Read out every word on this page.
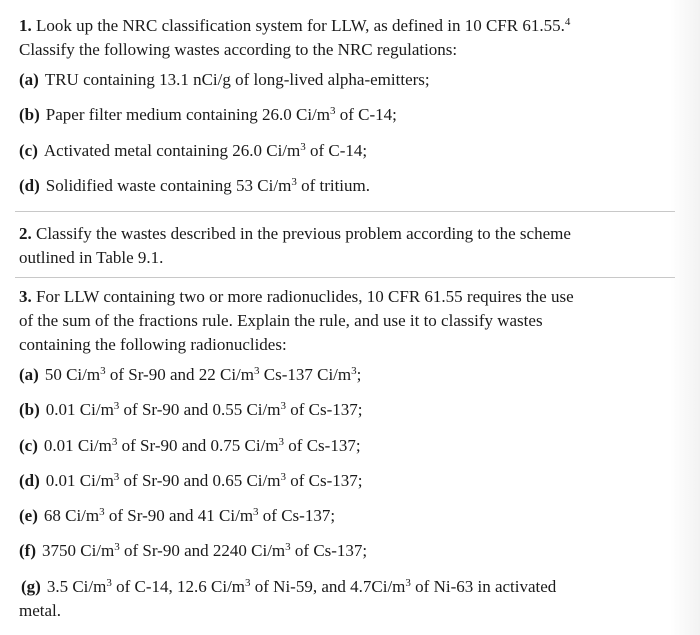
1. Look up the NRC classification system for LLW, as defined in 10 CFR 61.55.$^4$
Classify the following wastes according to the NRC regulations:
(a) TRU containing 13.1 nCi/g of long-lived alpha-emitters;
(b) Paper filter medium containing 26.0 $Ci/m^3$ of C-14;
(c) Activated metal containing 26.0 $Ci/m^3$ of C-14;
(d) Solidified waste containing 53 $Ci/m^3$ of tritium.
2. Classify the wastes described in the previous problem according to the scheme
outlined in Table 9.1.
3. For LLW containing two or more radionuclides, 10 CFR 61.55 requires the use
of the sum of the fractions rule. Explain the rule, and use it to classify wastes
containing the following radionuclides:
(a) 50 $Ci/m^3$ of Sr-90 and 22 $Ci/m^3$ Cs-137 $Ci/m^3$;
(b) 0.01 $Ci/m^3$ of Sr-90 and 0.55 $Ci/m^3$ of Cs-137;
(c) 0.01 $Ci/m^3$ of Sr-90 and 0.75 $Ci/m^3$ of Cs-137;
(d) 0.01 $Ci/m^3$ of Sr-90 and 0.65 $Ci/m^3$ of Cs-137;
(e) 68 $Ci/m^3$ of Sr-90 and 41 $Ci/m^3$ of Cs-137;
(f) 3750 $Ci/m^3$ of Sr-90 and 2240 $Ci/m^3$ of Cs-137;
(g) 3.5 $Ci/m^3$ of C-14, 12.6 $Ci/m^3$ of Ni-59, and $4.7Ci/m^3$ of Ni-63 in activated
metal.
